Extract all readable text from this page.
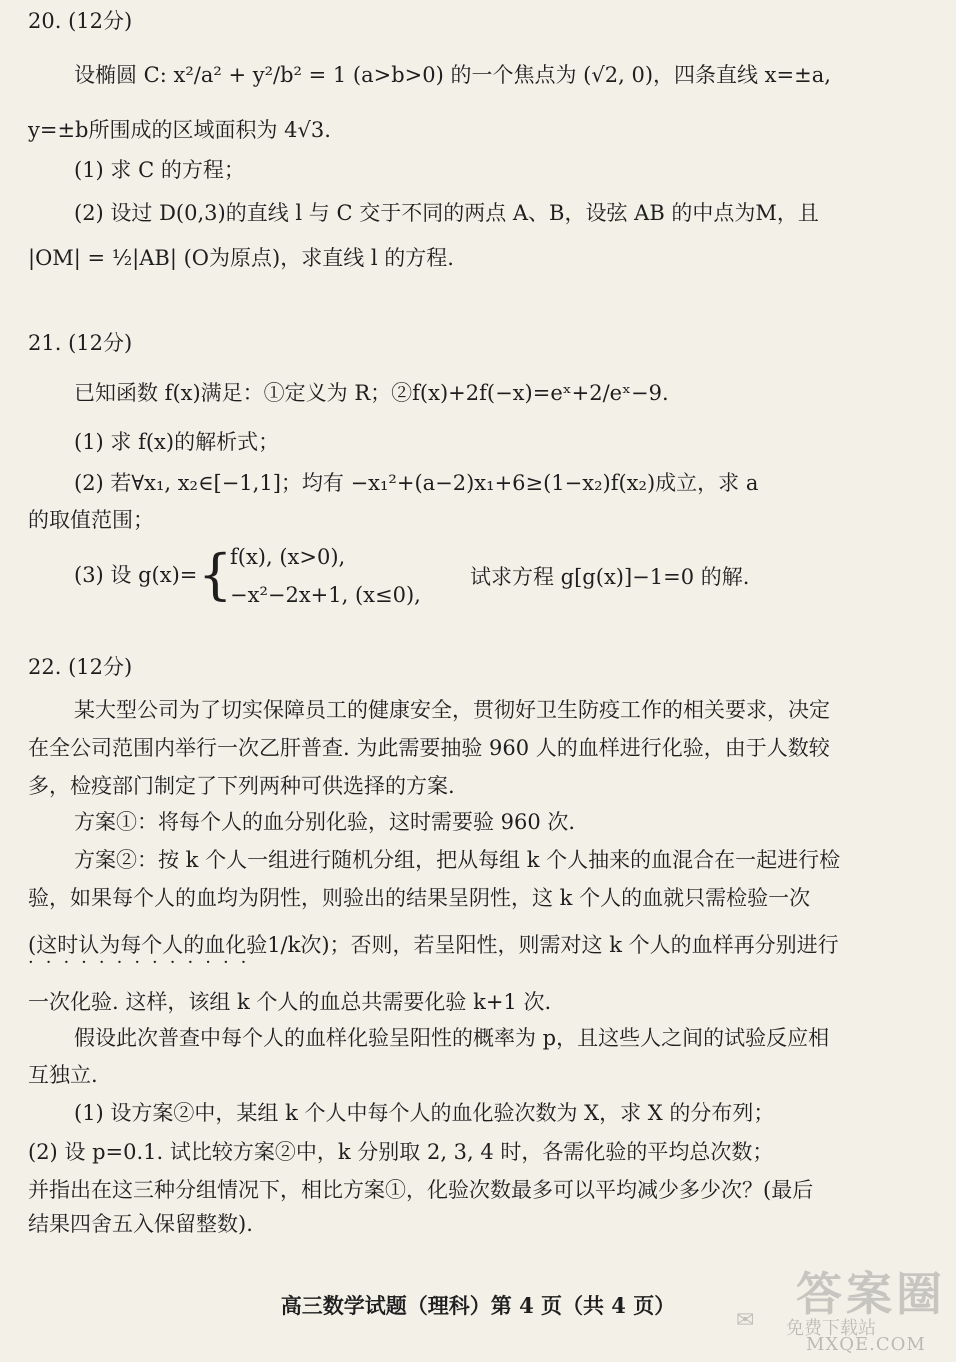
20. (12分)
设椭圆 C: x²/a² + y²/b² = 1 (a>b>0) 的一个焦点为 (√2, 0)，四条直线 x=±a,
y=±b所围成的区域面积为 4√3.
(1) 求 C 的方程；
(2) 设过 D(0,3)的直线 l 与 C 交于不同的两点 A、B，设弦 AB 的中点为M，且
|OM| = ½|AB| (O为原点)，求直线 l 的方程.
21. (12分)
已知函数 f(x)满足：①定义为 R；②f(x)+2f(−x)=eˣ+2/eˣ−9.
(1) 求 f(x)的解析式；
(2) 若∀x₁, x₂∈[−1,1]；均有 −x₁²+(a−2)x₁+6≥(1−x₂)f(x₂)成立，求 a
的取值范围；
(3) 设 g(x)= {
f(x), (x>0),
−x²−2x+1, (x≤0),
试求方程 g[g(x)]−1=0 的解.
22. (12分)
某大型公司为了切实保障员工的健康安全，贯彻好卫生防疫工作的相关要求，决定
在全公司范围内举行一次乙肝普查. 为此需要抽验 960 人的血样进行化验，由于人数较
多，检疫部门制定了下列两种可供选择的方案.
方案①：将每个人的血分别化验，这时需要验 960 次.
方案②：按 k 个人一组进行随机分组，把从每组 k 个人抽来的血混合在一起进行检
验，如果每个人的血均为阴性，则验出的结果呈阴性，这 k 个人的血就只需检验一次
(这时认为每个人的血化验1/k次)；否则，若呈阳性，则需对这 k 个人的血样再分别进行
·············
一次化验. 这样，该组 k 个人的血总共需要化验 k+1 次.
假设此次普查中每个人的血样化验呈阳性的概率为 p，且这些人之间的试验反应相
互独立.
(1) 设方案②中，某组 k 个人中每个人的血化验次数为 X，求 X 的分布列；
(2) 设 p=0.1. 试比较方案②中，k 分别取 2, 3, 4 时，各需化验的平均总次数；
并指出在这三种分组情况下，相比方案①，化验次数最多可以平均减少多少次？(最后
结果四舍五入保留整数).
高三数学试题（理科）第 4 页（共 4 页）
✉ 答案圈
免费下载站
MXQE.COM
